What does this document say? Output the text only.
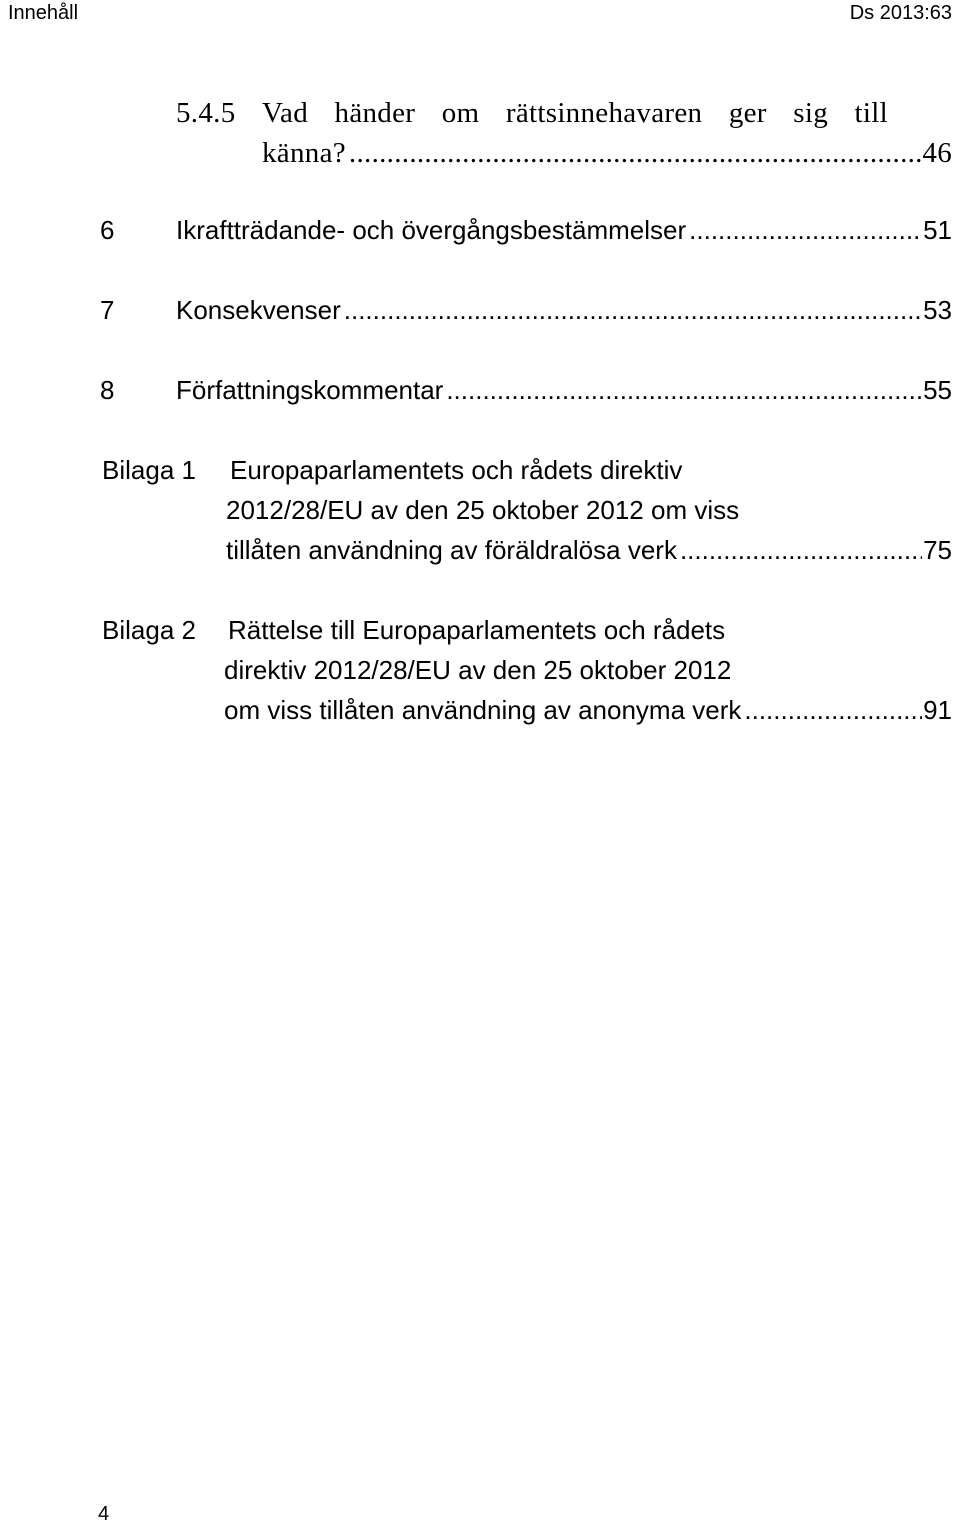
Innehåll	Ds 2013:63
5.4.5 Vad händer om rättsinnehavaren ger sig till
känna? .....	46
6 Ikraftträdande- och övergångsbestämmelser .....	51
7 Konsekvenser .....	53
8 Författningskommentar .....	55
Bilaga 1 Europaparlamentets och rådets direktiv
2012/28/EU av den 25 oktober 2012 om viss
tillåten användning av föräldralösa verk .....	75
Bilaga 2 Rättelse till Europaparlamentets och rådets
direktiv 2012/28/EU av den 25 oktober 2012
om viss tillåten användning av anonyma verk .....	91
4
